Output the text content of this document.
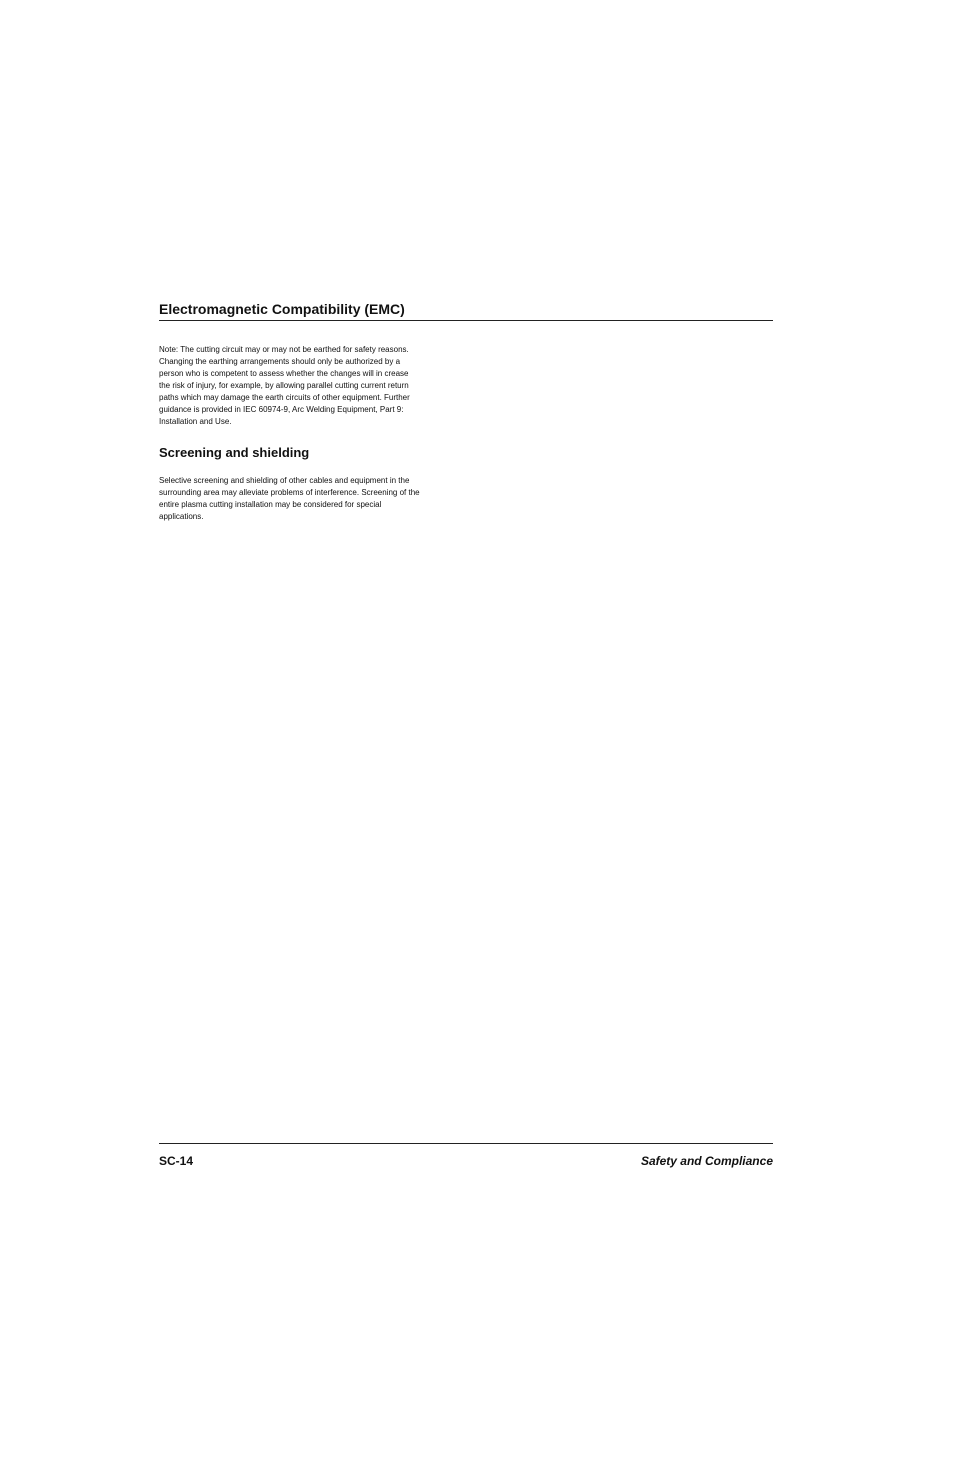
Electromagnetic Compatibility (EMC)

Note: The cutting circuit may or may not be earthed for safety reasons.
Changing the earthing arrangements should only be authorized by a
person who is competent to assess whether the changes will in crease
the risk of injury, for example, by allowing parallel cutting current return
paths which may damage the earth circuits of other equipment. Further
guidance is provided in IEC 60974-9, Arc Welding Equipment, Part 9:
Installation and Use.

Screening and shielding

Selective screening and shielding of other cables and equipment in the
surrounding area may alleviate problems of interference. Screening of the
entire plasma cutting installation may be considered for special
applications.

SC-14	Safety and Compliance
